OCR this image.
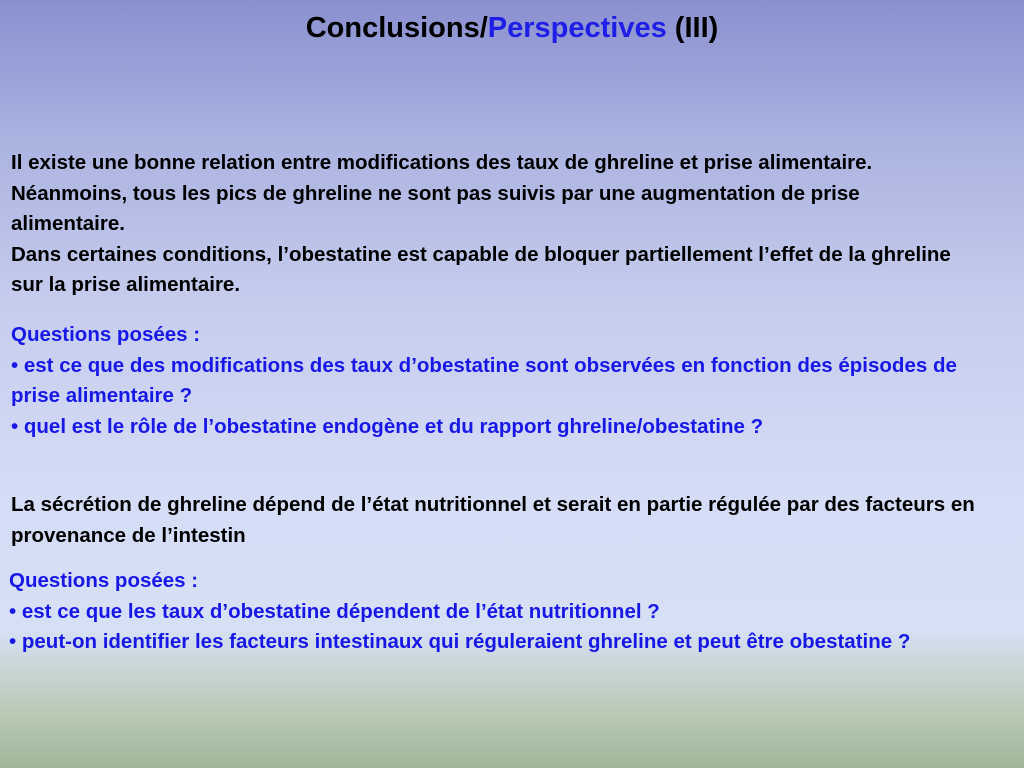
Conclusions/Perspectives (III)

Il existe une bonne relation entre modifications des taux de ghreline et prise alimentaire. Néanmoins, tous les pics de ghreline ne sont pas suivis par une augmentation de prise alimentaire.

Dans certaines conditions, l’obestatine est capable de bloquer partiellement l’effet de la ghreline sur la prise alimentaire.

Questions posées :

• est ce que des modifications des taux d’obestatine sont observées en fonction des épisodes de prise alimentaire ?

• quel est le rôle de l’obestatine endogène et du rapport ghreline/obestatine ?

La sécrétion de ghreline dépend de l’état nutritionnel et serait en partie régulée par des facteurs en provenance de l’intestin

Questions posées :

• est ce que les taux d’obestatine dépendent de l’état nutritionnel ?

• peut-on identifier les facteurs intestinaux qui réguleraient ghreline et peut être obestatine ?
